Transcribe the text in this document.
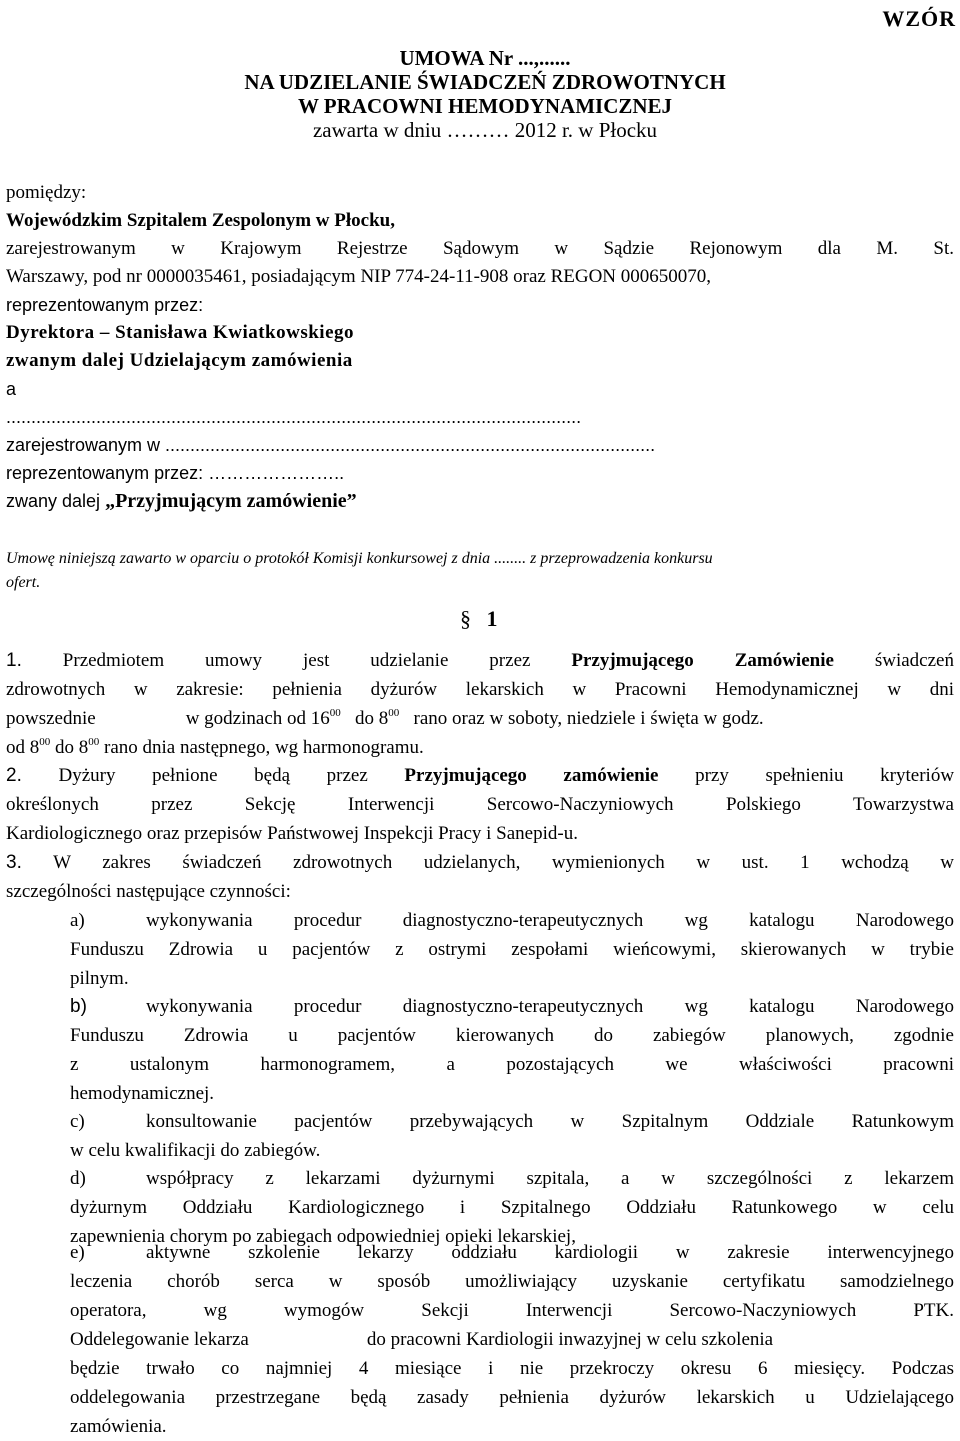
WZÓR
UMOWA Nr ...,......
NA UDZIELANIE ŚWIADCZEŃ ZDROWOTNYCH
W PRACOWNI HEMODYNAMICZNEJ
zawarta w dniu ……… 2012 r. w Płocku
pomiędzy:
Wojewódzkim Szpitalem Zespolonym w Płocku,
zarejestrowanym w Krajowym Rejestrze Sądowym w Sądzie Rejonowym dla M. St.
Warszawy, pod nr 0000035461, posiadającym NIP 774-24-11-908 oraz REGON 000650070,
reprezentowanym przez:
Dyrektora – Stanisława Kwiatkowskiego
zwanym dalej Udzielającym zamówienia
a
...................................................................................................................
zarejestrowanym w ..................................................................................................
reprezentowanym przez: …………………..
zwany dalej „Przyjmującym zamówienie”
Umowę niniejszą zawarto w oparciu o protokół Komisji konkursowej z dnia ........ z przeprowadzenia konkursu
ofert.
§ 1
1. Przedmiotem umowy jest udzielanie przez Przyjmującego Zamówienie świadczeń
zdrowotnych w zakresie: pełnienia dyżurów lekarskich w Pracowni Hemodynamicznej w dni
powszednie	w godzinach od $16^{00}$ do $8^{00}$ rano oraz w soboty, niedziele i święta w godz.
od $8^{00}$ do $8^{00}$ rano dnia następnego, wg harmonogramu.
2. Dyżury pełnione będą przez Przyjmującego zamówienie przy spełnieniu kryteriów
określonych przez Sekcję Interwencji Sercowo-Naczyniowych Polskiego Towarzystwa
Kardiologicznego oraz przepisów Państwowej Inspekcji Pracy i Sanepid-u.
3. W zakres świadczeń zdrowotnych udzielanych, wymienionych w ust. 1 wchodzą w
szczególności następujące czynności:
a)	wykonywania procedur diagnostyczno-terapeutycznych wg katalogu Narodowego
Funduszu Zdrowia u pacjentów z ostrymi zespołami wieńcowymi, skierowanych w trybie
pilnym.
b)	wykonywania procedur diagnostyczno-terapeutycznych wg katalogu Narodowego
Funduszu Zdrowia u pacjentów kierowanych do zabiegów planowych, zgodnie
z ustalonym harmonogramem, a pozostających we właściwości pracowni
hemodynamicznej.
c)	konsultowanie pacjentów przebywających w Szpitalnym Oddziale Ratunkowym
w celu kwalifikacji do zabiegów.
d)	współpracy z lekarzami dyżurnymi szpitala, a w szczególności z lekarzem
dyżurnym Oddziału Kardiologicznego i Szpitalnego Oddziału Ratunkowego w celu
zapewnienia chorym po zabiegach odpowiedniej opieki lekarskiej,
e)	aktywne szkolenie lekarzy oddziału kardiologii w zakresie interwencyjnego
leczenia chorób serca w sposób umożliwiający uzyskanie certyfikatu samodzielnego
operatora, wg wymogów Sekcji Interwencji Sercowo-Naczyniowych PTK.
Oddelegowanie lekarza	do pracowni Kardiologii inwazyjnej w celu szkolenia
będzie trwało co najmniej 4 miesiące i nie przekroczy okresu 6 miesięcy. Podczas
oddelegowania przestrzegane będą zasady pełnienia dyżurów lekarskich u Udzielającego
zamówienia.
